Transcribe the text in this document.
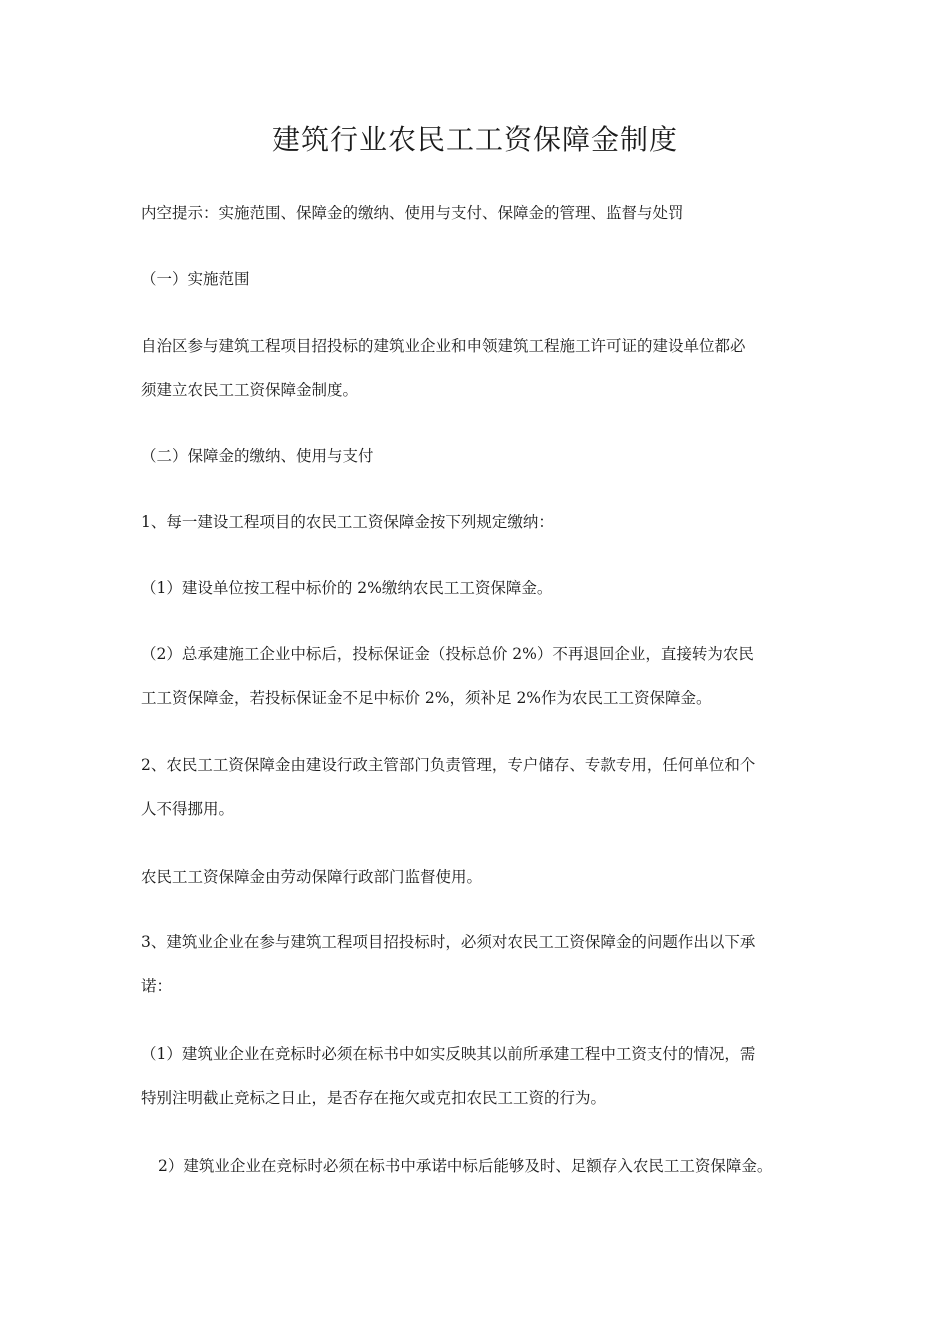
建筑行业农民工工资保障金制度

内空提示：实施范围、保障金的缴纳、使用与支付、保障金的管理、监督与处罚

（一）实施范围

自治区参与建筑工程项目招投标的建筑业企业和申领建筑工程施工许可证的建设单位都必
须建立农民工工资保障金制度。

（二）保障金的缴纳、使用与支付

1、每一建设工程项目的农民工工资保障金按下列规定缴纳：

（1）建设单位按工程中标价的 2%缴纳农民工工资保障金。

（2）总承建施工企业中标后，投标保证金（投标总价 2%）不再退回企业，直接转为农民
工工资保障金，若投标保证金不足中标价 2%，须补足 2%作为农民工工资保障金。

2、农民工工资保障金由建设行政主管部门负责管理，专户储存、专款专用，任何单位和个
人不得挪用。

农民工工资保障金由劳动保障行政部门监督使用。

3、建筑业企业在参与建筑工程项目招投标时，必须对农民工工资保障金的问题作出以下承
诺：

（1）建筑业企业在竞标时必须在标书中如实反映其以前所承建工程中工资支付的情况，需
特别注明截止竞标之日止，是否存在拖欠或克扣农民工工资的行为。

2）建筑业企业在竞标时必须在标书中承诺中标后能够及时、足额存入农民工工资保障金。
